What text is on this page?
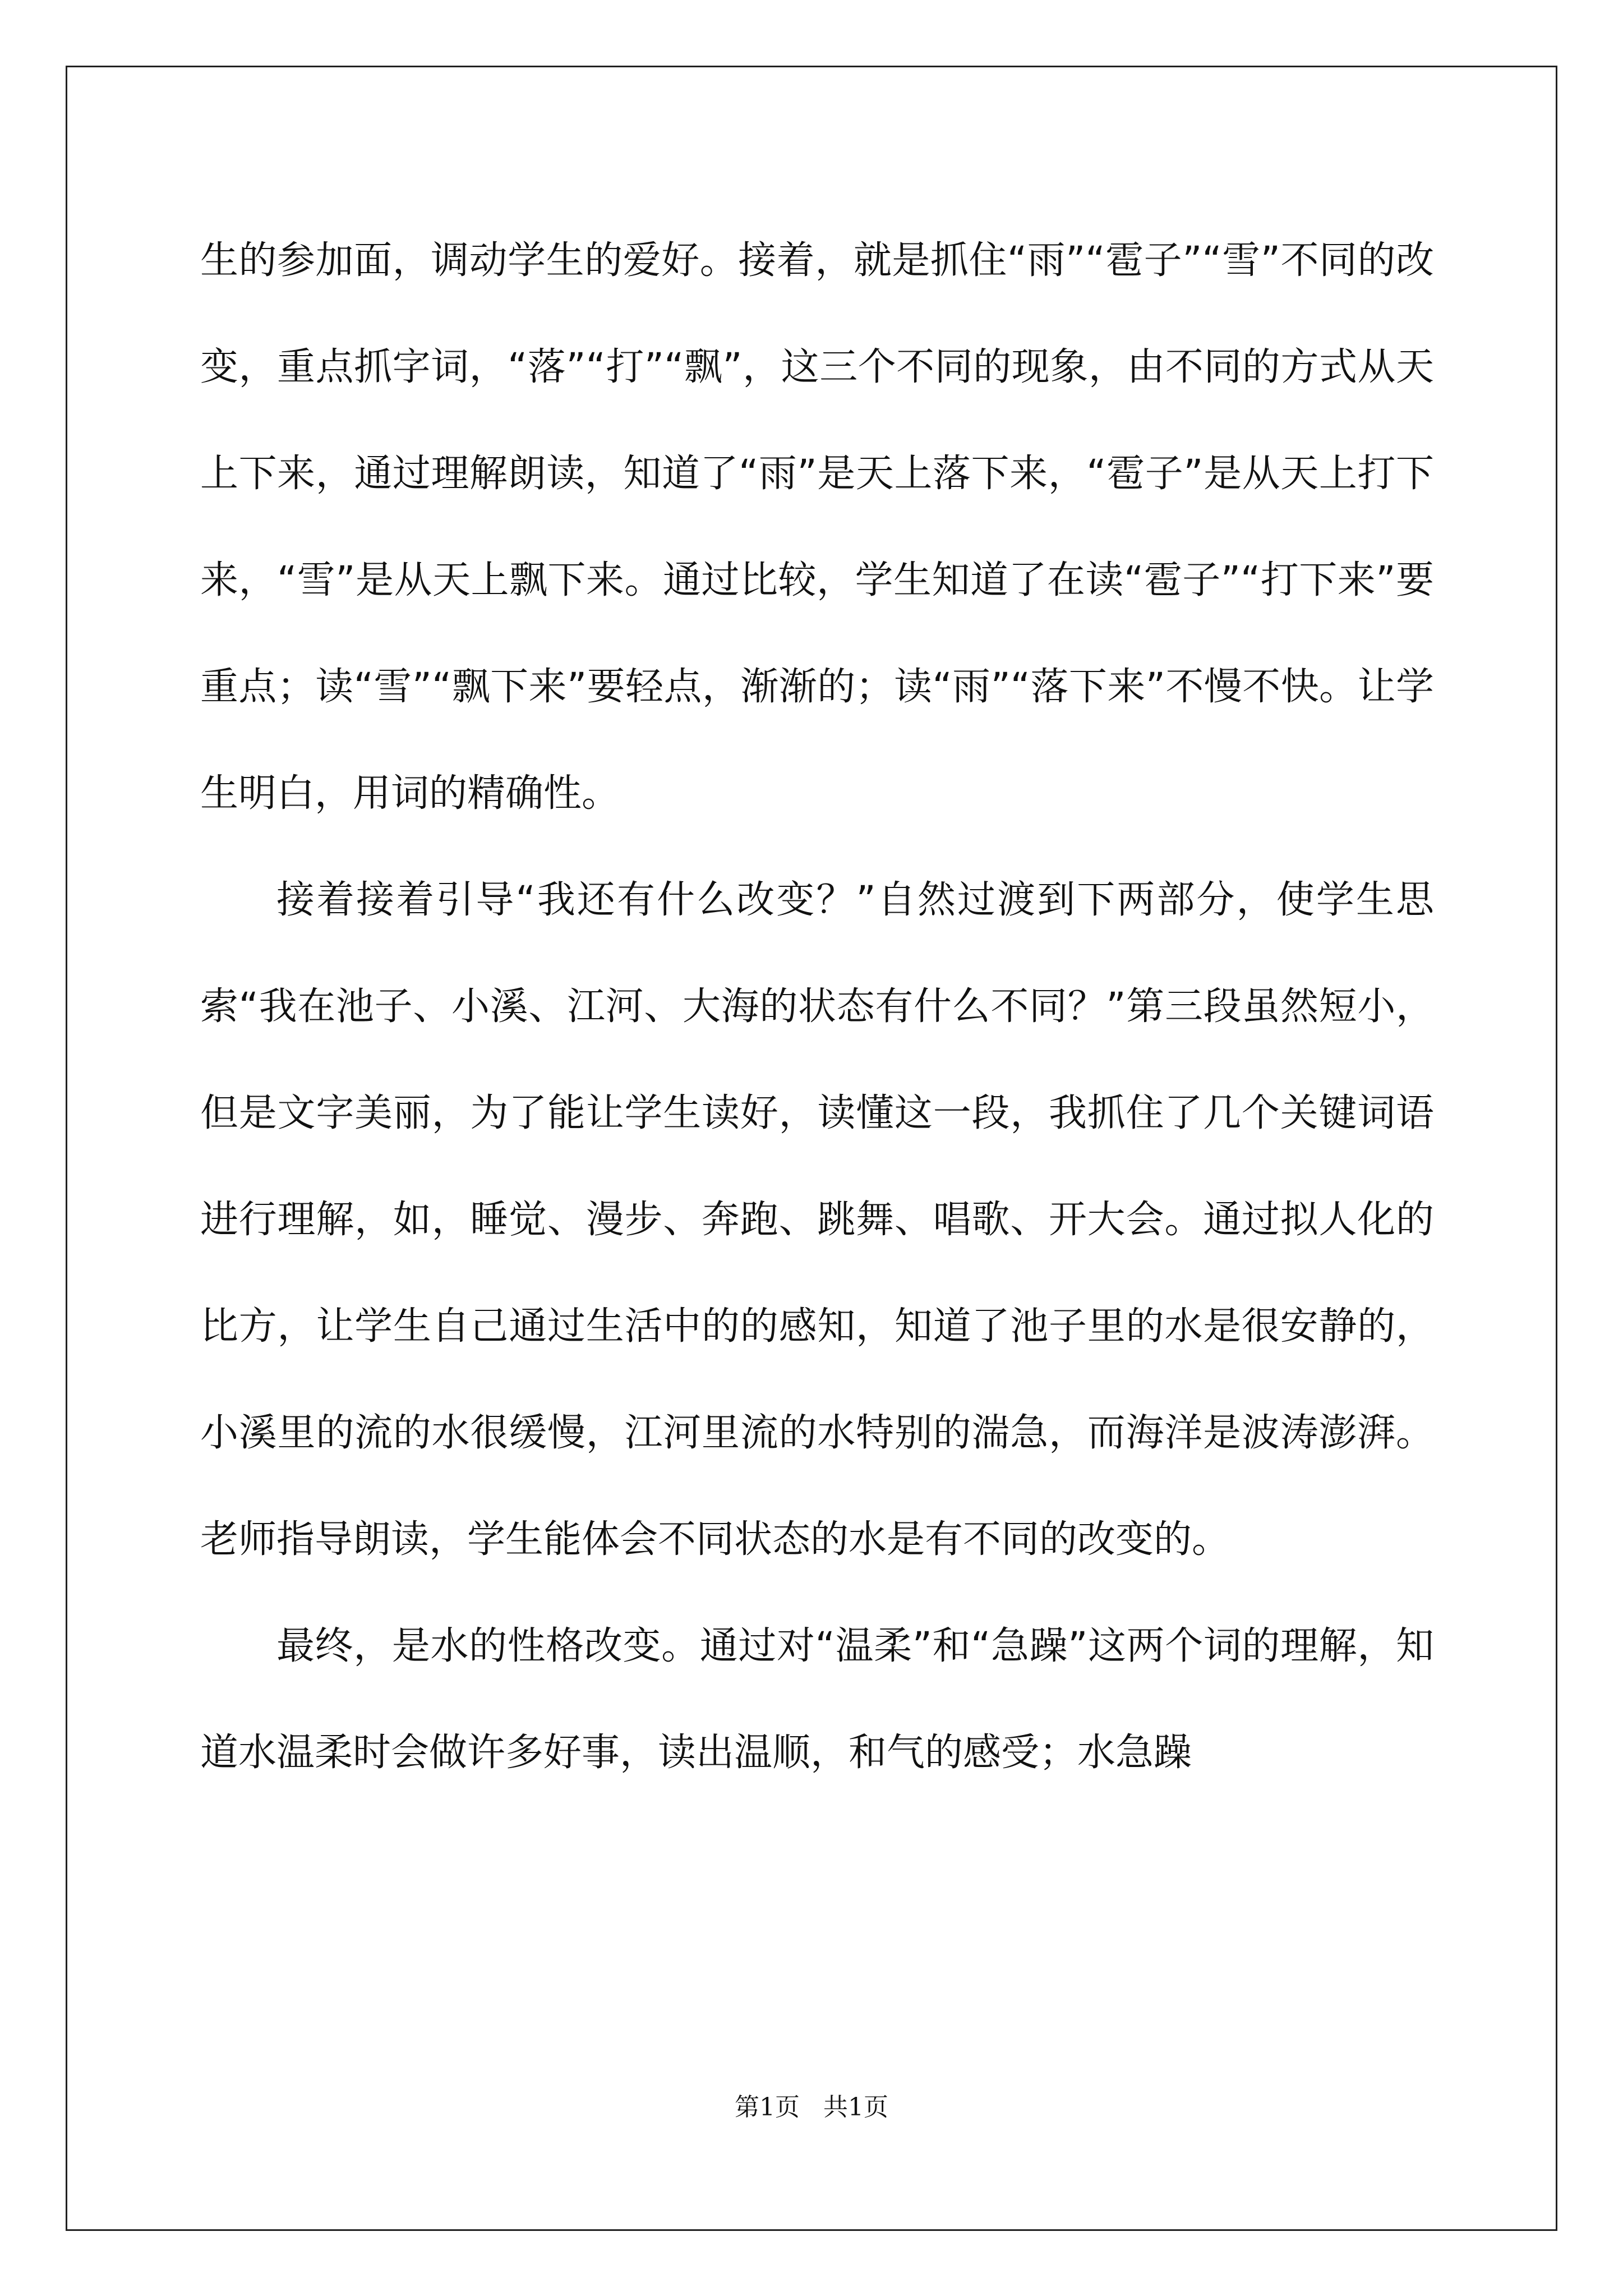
生的参加面，调动学生的爱好。接着，就是抓住“雨”“雹子”“雪”不同的改变，重点抓字词，“落”“打”“飘”，这三个不同的现象，由不同的方式从天上下来，通过理解朗读，知道了“雨”是天上落下来，“雹子”是从天上打下来，“雪”是从天上飘下来。通过比较，学生知道了在读“雹子”“打下来”要重点；读“雪”“飘下来”要轻点，渐渐的；读“雨”“落下来”不慢不快。让学生明白，用词的精确性。

接着接着引导“我还有什么改变？”自然过渡到下两部分，使学生思索“我在池子、小溪、江河、大海的状态有什么不同？”第三段虽然短小，但是文字美丽，为了能让学生读好，读懂这一段，我抓住了几个关键词语进行理解，如，睡觉、漫步、奔跑、跳舞、唱歌、开大会。通过拟人化的比方，让学生自己通过生活中的的感知，知道了池子里的水是很安静的，小溪里的流的水很缓慢，江河里流的水特别的湍急，而海洋是波涛澎湃。老师指导朗读，学生能体会不同状态的水是有不同的改变的。

最终，是水的性格改变。通过对“温柔”和“急躁”这两个词的理解，知道水温柔时会做许多好事，读出温顺，和气的感受；水急躁

第1页 共1页
